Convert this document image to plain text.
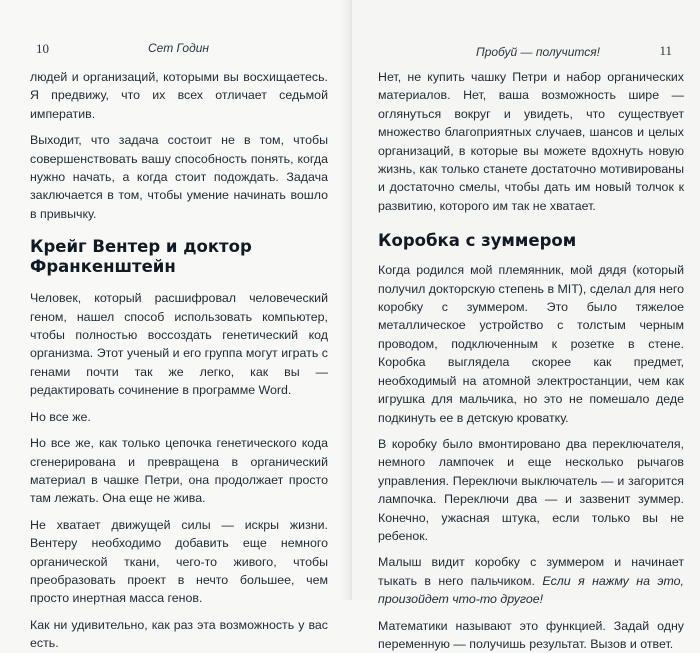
10	Сет Годин

людей и организаций, которыми вы восхищаетесь. Я предвижу, что их всех отличает седьмой императив.

Выходит, что задача состоит не в том, чтобы совершенствовать вашу способность понять, когда нужно начать, а когда стоит подождать. Задача заключается в том, чтобы умение начинать вошло в привычку.

Крейг Вентер и доктор Франкенштейн

Человек, который расшифровал человеческий геном, нашел способ использовать компьютер, чтобы полностью воссоздать генетический код организма. Этот ученый и его группа могут играть с генами почти так же легко, как вы — редактировать сочинение в программе Word.

Но все же.

Но все же, как только цепочка генетического кода сгенерирована и превращена в органический материал в чашке Петри, она продолжает просто там лежать. Она еще не жива.

Не хватает движущей силы — искры жизни. Вентеру необходимо добавить еще немного органической ткани, чего-то живого, чтобы преобразовать проект в нечто большее, чем просто инертная масса генов.

Как ни удивительно, как раз эта возможность у вас есть.

Пробуй — получится!	11

Нет, не купить чашку Петри и набор органических материалов. Нет, ваша возможность шире — оглянуться вокруг и увидеть, что существует множество благоприятных случаев, шансов и целых организаций, в которые вы можете вдохнуть новую жизнь, как только станете достаточно мотивированы и достаточно смелы, чтобы дать им новый толчок к развитию, которого им так не хватает.

Коробка с зуммером

Когда родился мой племянник, мой дядя (который получил докторскую степень в MIT), сделал для него коробку с зуммером. Это было тяжелое металлическое устройство с толстым черным проводом, подключенным к розетке в стене. Коробка выглядела скорее как предмет, необходимый на атомной электростанции, чем как игрушка для мальчика, но это не помешало деде подкинуть ее в детскую кроватку.

В коробку было вмонтировано два переключателя, немного лампочек и еще несколько рычагов управления. Переключи выключатель — и загорится лампочка. Переключи два — и зазвенит зуммер. Конечно, ужасная штука, если только вы не ребенок.

Малыш видит коробку с зуммером и начинает тыкать в него пальчиком. Если я нажму на это, произойдет что-то другое!

Математики называют это функцией. Задай одну переменную — получишь результат. Вызов и ответ.
